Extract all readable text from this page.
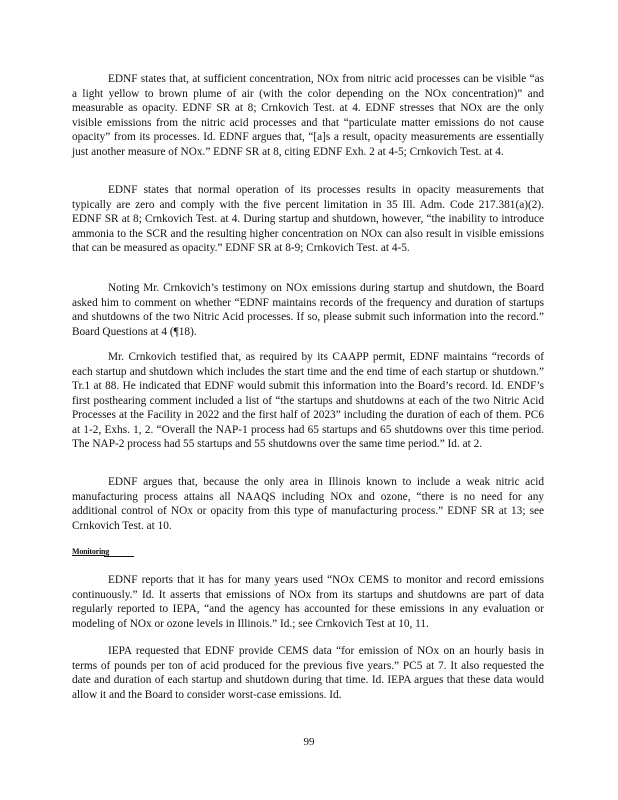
EDNF states that, at sufficient concentration, NOx from nitric acid processes can be visible “as a light yellow to brown plume of air (with the color depending on the NOx concentration)” and measurable as opacity. EDNF SR at 8; Crnkovich Test. at 4. EDNF stresses that NOx are the only visible emissions from the nitric acid processes and that “particulate matter emissions do not cause opacity” from its processes. Id. EDNF argues that, “[a]s a result, opacity measurements are essentially just another measure of NOx.” EDNF SR at 8, citing EDNF Exh. 2 at 4-5; Crnkovich Test. at 4.

EDNF states that normal operation of its processes results in opacity measurements that typically are zero and comply with the five percent limitation in 35 Ill. Adm. Code 217.381(a)(2). EDNF SR at 8; Crnkovich Test. at 4. During startup and shutdown, however, “the inability to introduce ammonia to the SCR and the resulting higher concentration on NOx can also result in visible emissions that can be measured as opacity.” EDNF SR at 8-9; Crnkovich Test. at 4-5.

Noting Mr. Crnkovich’s testimony on NOx emissions during startup and shutdown, the Board asked him to comment on whether “EDNF maintains records of the frequency and duration of startups and shutdowns of the two Nitric Acid processes. If so, please submit such information into the record.” Board Questions at 4 (¶18).

Mr. Crnkovich testified that, as required by its CAAPP permit, EDNF maintains “records of each startup and shutdown which includes the start time and the end time of each startup or shutdown.” Tr.1 at 88. He indicated that EDNF would submit this information into the Board’s record. Id. ENDF’s first posthearing comment included a list of “the startups and shutdowns at each of the two Nitric Acid Processes at the Facility in 2022 and the first half of 2023” including the duration of each of them. PC6 at 1-2, Exhs. 1, 2. “Overall the NAP-1 process had 65 startups and 65 shutdowns over this time period. The NAP-2 process had 55 startups and 55 shutdowns over the same time period.” Id. at 2.

EDNF argues that, because the only area in Illinois known to include a weak nitric acid manufacturing process attains all NAAQS including NOx and ozone, “there is no need for any additional control of NOx or opacity from this type of manufacturing process.” EDNF SR at 13; see Crnkovich Test. at 10.

Monitoring

EDNF reports that it has for many years used “NOx CEMS to monitor and record emissions continuously.” Id. It asserts that emissions of NOx from its startups and shutdowns are part of data regularly reported to IEPA, “and the agency has accounted for these emissions in any evaluation or modeling of NOx or ozone levels in Illinois.” Id.; see Crnkovich Test at 10, 11.

IEPA requested that EDNF provide CEMS data “for emission of NOx on an hourly basis in terms of pounds per ton of acid produced for the previous five years.” PC5 at 7. It also requested the date and duration of each startup and shutdown during that time. Id. IEPA argues that these data would allow it and the Board to consider worst-case emissions. Id.

99
